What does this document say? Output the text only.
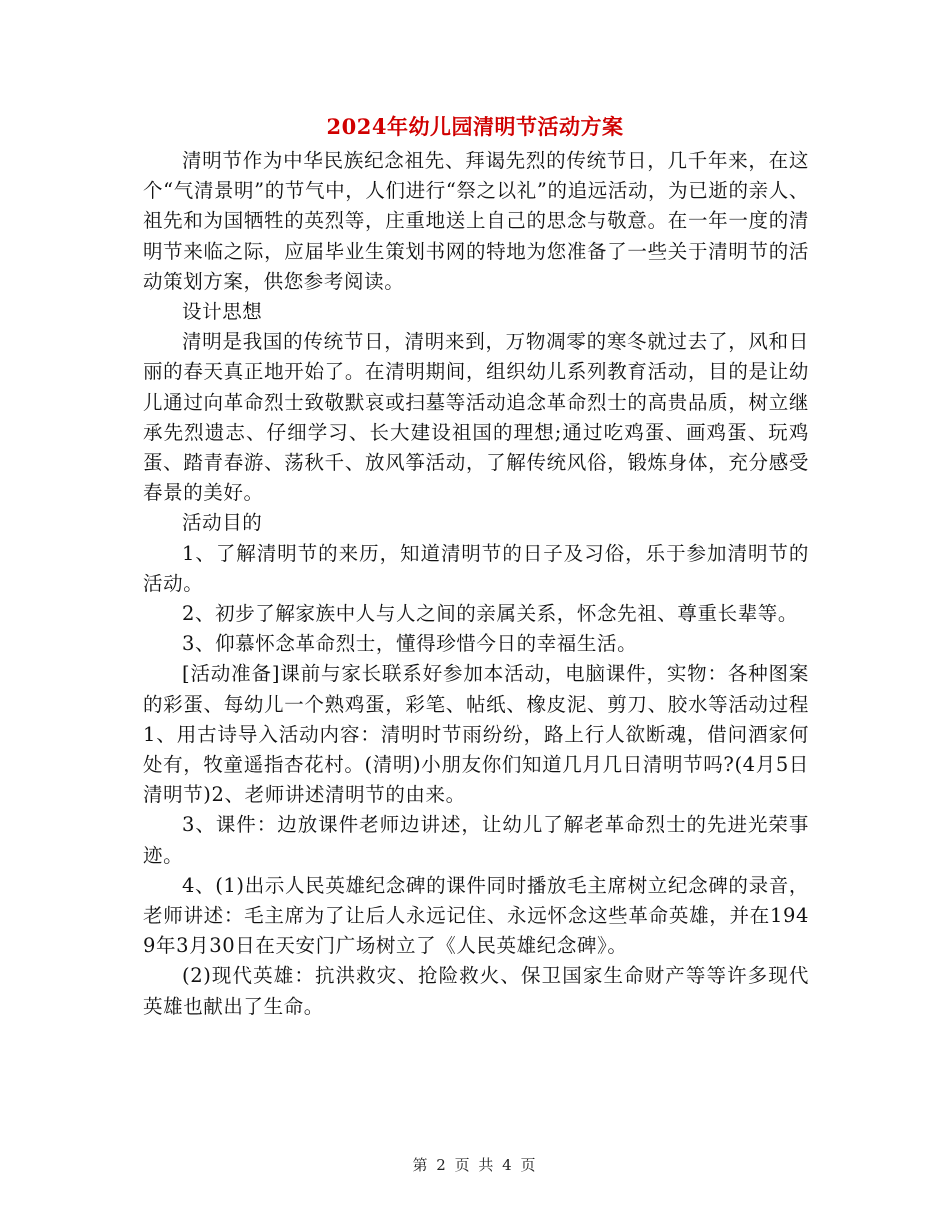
2024年幼儿园清明节活动方案

清明节作为中华民族纪念祖先、拜谒先烈的传统节日，几千年来，在这个“气清景明”的节气中，人们进行“祭之以礼”的追远活动，为已逝的亲人、祖先和为国牺牲的英烈等，庄重地送上自己的思念与敬意。在一年一度的清明节来临之际，应届毕业生策划书网的特地为您准备了一些关于清明节的活动策划方案，供您参考阅读。

设计思想

清明是我国的传统节日，清明来到，万物凋零的寒冬就过去了，风和日丽的春天真正地开始了。在清明期间，组织幼儿系列教育活动，目的是让幼儿通过向革命烈士致敬默哀或扫墓等活动追念革命烈士的高贵品质，树立继承先烈遗志、仔细学习、长大建设祖国的理想;通过吃鸡蛋、画鸡蛋、玩鸡蛋、踏青春游、荡秋千、放风筝活动，了解传统风俗，锻炼身体，充分感受 春景的美好。

活动目的

1、了解清明节的来历，知道清明节的日子及习俗，乐于参加清明节的活动。

2、初步了解家族中人与人之间的亲属关系，怀念先祖、尊重长辈等。

3、仰慕怀念革命烈士，懂得珍惜今日的幸福生活。

[活动准备]课前与家长联系好参加本活动，电脑课件，实物：各种图案的彩蛋、每幼儿一个熟鸡蛋，彩笔、帖纸、橡皮泥、剪刀、胶水等活动过程1、用古诗导入活动内容：清明时节雨纷纷，路上行人欲断魂，借问酒家何处有，牧童遥指杏花村。(清明)小朋友你们知道几月几日清明节吗?(4月5日清明节)2、老师讲述清明节的由来。

3、课件：边放课件老师边讲述，让幼儿了解老革命烈士的先进光荣事迹。

4、(1)出示人民英雄纪念碑的课件同时播放毛主席树立纪念碑的录音，老师讲述：毛主席为了让后人永远记住、永远怀念这些革命英雄，并在1949年3月30日在天安门广场树立了《人民英雄纪念碑》。

(2)现代英雄：抗洪救灾、抢险救火、保卫国家生命财产等等许多现代英雄也献出了生命。

第 2 页 共 4 页
